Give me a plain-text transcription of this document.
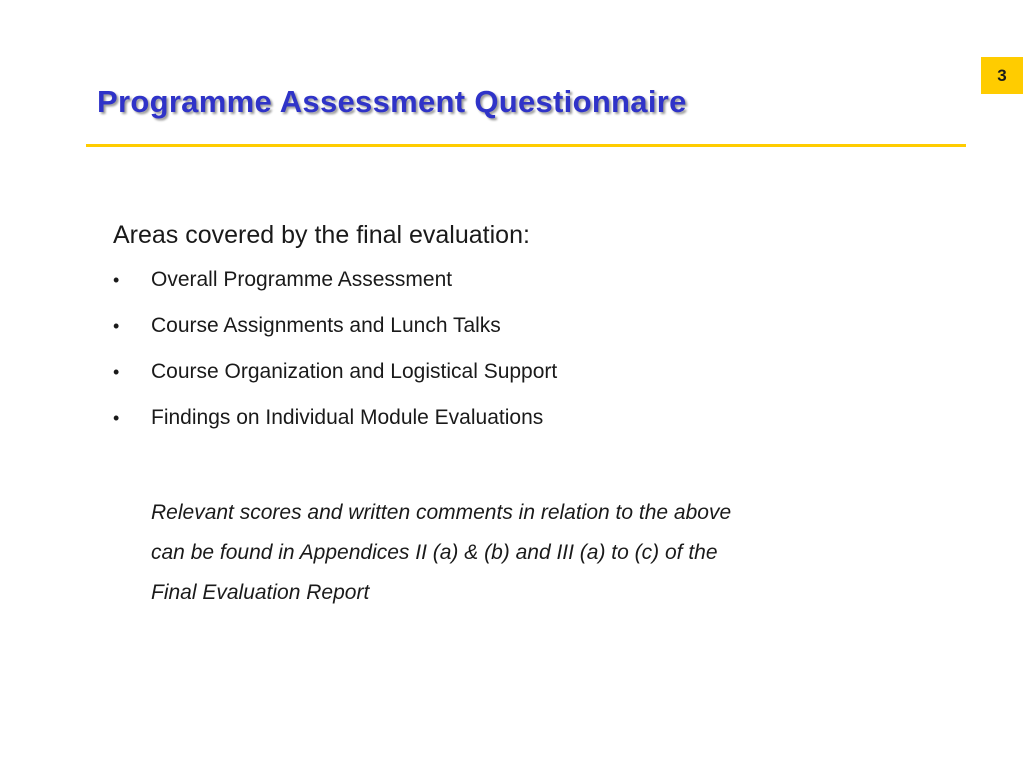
3
Programme Assessment Questionnaire

Areas covered by the final evaluation:

•	Overall Programme Assessment
•	Course Assignments and Lunch Talks
•	Course Organization and Logistical Support
•	Findings on Individual Module Evaluations

Relevant scores and written comments in relation to the above
can be found in Appendices II (a) & (b) and III (a) to (c) of the
Final Evaluation Report
